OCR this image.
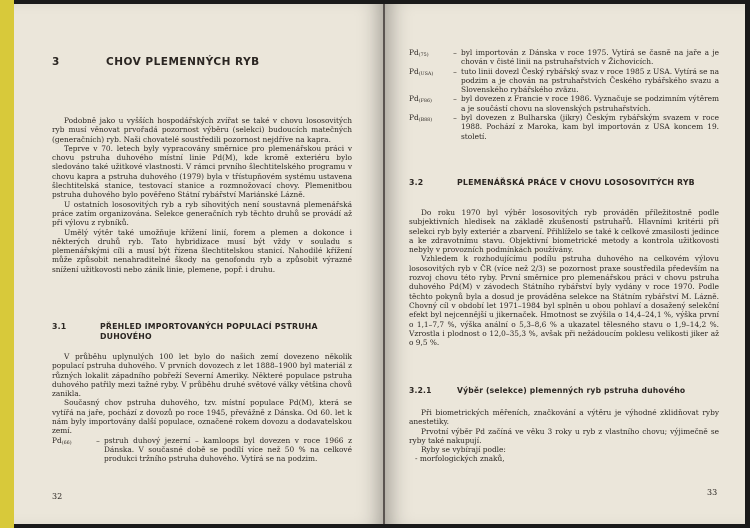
3	CHOV PLEMENNÝCH RYB

Podobně jako u vyšších hospodářských zvířat se také v chovu lososovitých ryb musí věnovat prvořadá pozornost výběru (selekci) budoucích matečných (generačních) ryb. Naši chovatelé soustředili pozornost nejdříve na kapra.

Teprve v 70. letech byly vypracovány směrnice pro plemenářskou práci v chovu pstruha duhového místní linie Pd(M), kde kromě exteriéru bylo sledováno také užitkové vlastnosti. V rámci prvního šlechtitelského programu v chovu kapra a pstruha duhového (1979) byla v třístupňovém systému ustavena šlechtitelská stanice, testovací stanice a rozmnožovací chovy. Plemenitbou pstruha duhového bylo pověřeno Státní rybářství Mariánské Lázně.

U ostatních lososovitých ryb a ryb síhovitých není soustavná plemenářská práce zatím organizována. Selekce generačních ryb těchto druhů se provádí až při výlovu z rybníků.

Umělý výtěr také umožňuje křížení linií, forem a plemen a dokonce i některých druhů ryb. Tato hybridizace musí být vždy v souladu s plemenářskými cíli a musí být řízena šlechtitelskou stanicí. Nahodilé křížení může způsobit nenahraditelné škody na genofondu ryb a způsobit výrazné snížení užitkovosti nebo zánik linie, plemene, popř. i druhu.

3.1	PŘEHLED IMPORTOVANÝCH POPULACÍ PSTRUHA DUHOVÉHO

V průběhu uplynulých 100 let bylo do našich zemí dovezeno několik populací pstruha duhového. V prvních dovozech z let 1888–1900 byl materiál z různých lokalit západního pobřeží Severní Ameriky. Některé populace pstruha duhového patřily mezi tažné ryby. V průběhu druhé světové války většina chovů zanikla.

Současný chov pstruha duhového, tzv. místní populace Pd(M), která se vytířá na jaře, pochází z dovozů po roce 1945, převážně z Dánska. Od 60. let k nám byly importovány další populace, označené rokem dovozu a dodavatelskou zemí.

$Pd_{(66)}$	– pstruh duhový jezerní – kamloops byl dovezen v roce 1966 z Dánska. V současné době se podílí více než 50 % na celkové produkci tržního pstruha duhového. Vytírá se na podzim.
32
$Pd_{(75)}$	– byl importován z Dánska v roce 1975. Vytírá se časně na jaře a je chován v čisté linii na pstruhařstvích v Žichovicích.
$Pd_{(USA)}$	– tuto linii dovezl Český rybářský svaz v roce 1985 z USA. Vytírá se na podzim a je chován na pstruhařstvích Českého rybářského svazu a Slovenského rybářského zväzu.
$Pd_{(F86)}$	– byl dovezen z Francie v roce 1986. Vyznačuje se podzimním výtěrem a je součástí chovu na slovenských pstruhařstvích.
$Pd_{(B88)}$	– byl dovezen z Bulharska (jikry) Českým rybářským svazem v roce 1988. Pochází z Maroka, kam byl importován z USA koncem 19. století.
3.2	PLEMENÁŘSKÁ PRÁCE V CHOVU LOSOSOVITÝCH RYB

Do roku 1970 byl výběr lososovitých ryb prováděn příležitostně podle subjektivních hledisek na základě zkušeností pstruhařů. Hlavními kritérii při selekci ryb byly exteriér a zbarvení. Přihlíželo se také k celkové zmasilosti jedince a ke zdravotnímu stavu. Objektivní biometrické metody a kontrola užitkovosti nebyly v provozních podmínkách používány.

Vzhledem k rozhodujícímu podílu pstruha duhového na celkovém výlovu lososovitých ryb v ČR (více než 2/3) se pozornost praxe soustředila především na rozvoj chovu této ryby. První směrnice pro plemenářskou práci v chovu pstruha duhového Pd(M) v závodech Státního rybářství byly vydány v roce 1970. Podle těchto pokynů byla a dosud je prováděna selekce na Státním rybářství M. Lázně. Chovný cíl v období let 1971–1984 byl splněn u obou pohlaví a dosažený selekční efekt byl nejcennější u jikernaček. Hmotnost se zvýšila o 14,4–24,1 %, výška první o 1,1–7,7 %, výška anální o 5,3–8,6 % a ukazatel tělesného stavu o 1,9–14,2 %. Vzrostla i plodnost o 12,0–35,3 %, avšak při nežádoucím poklesu velikosti jiker až o 9,5 %.

3.2.1	Výběr (selekce) plemenných ryb pstruha duhového

Při biometrických měřeních, značkování a výtěru je výhodné zklidňovat ryby anestetiky.

Prvotní výběr Pd začíná ve věku 3 roky u ryb z vlastního chovu; výjimečně se ryby také nakupují.

Ryby se vybírají podle:

- morfologických znaků,
33
